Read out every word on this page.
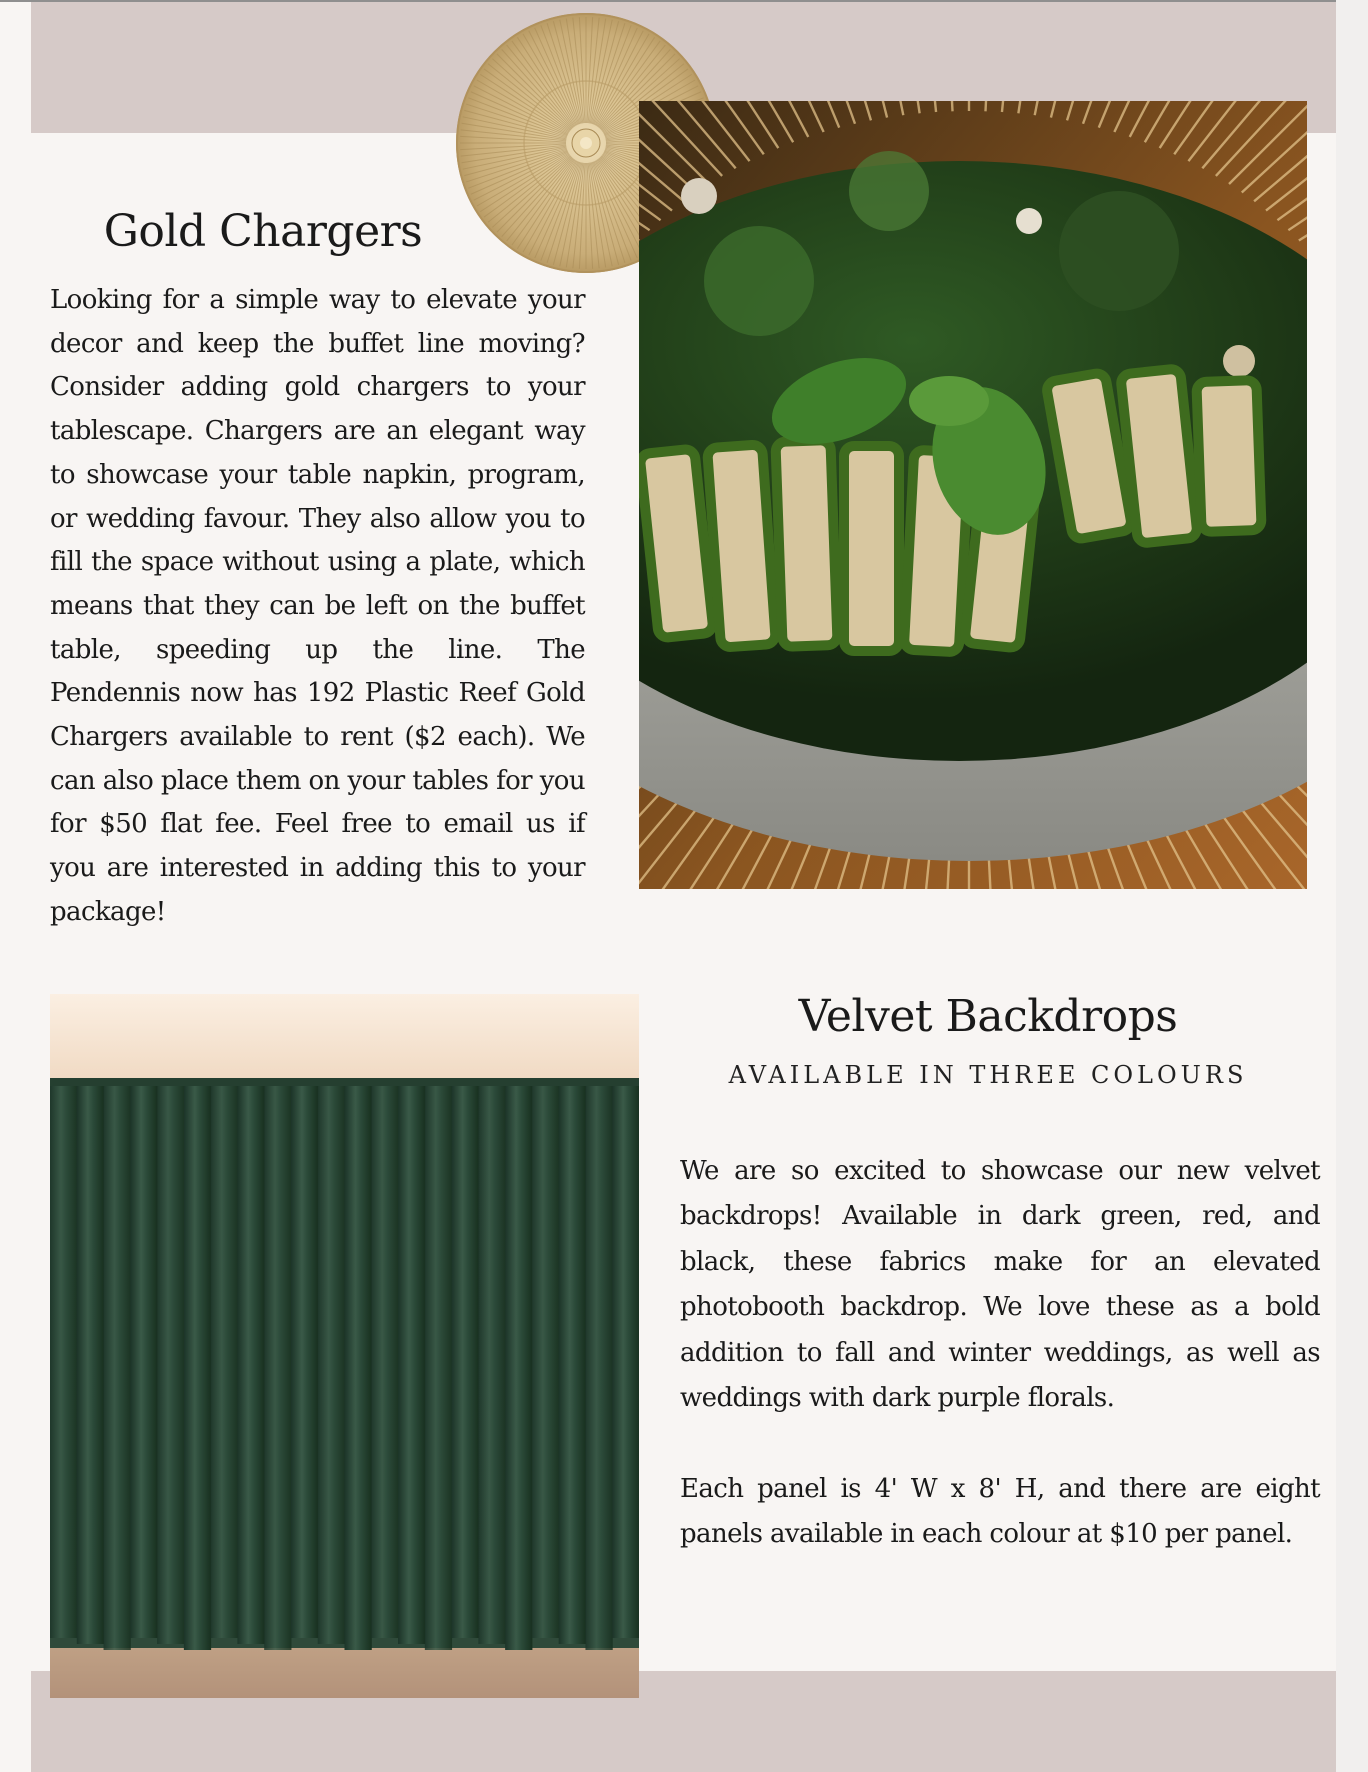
Gold Chargers

Looking for a simple way to elevate your decor and keep the buffet line moving? Consider adding gold chargers to your tablescape. Chargers are an elegant way to showcase your table napkin, program, or wedding favour. They also allow you to fill the space without using a plate, which means that they can be left on the buffet table, speeding up the line. The Pendennis now has 192 Plastic Reef Gold Chargers available to rent ($2 each). We can also place them on your tables for you for $50 flat fee. Feel free to email us if you are interested in adding this to your package!

Velvet Backdrops
AVAILABLE IN THREE COLOURS

We are so excited to showcase our new velvet backdrops! Available in dark green, red, and black, these fabrics make for an elevated photobooth backdrop. We love these as a bold addition to fall and winter weddings, as well as weddings with dark purple florals.

Each panel is 4' W x 8' H, and there are eight panels available in each colour at $10 per panel.
